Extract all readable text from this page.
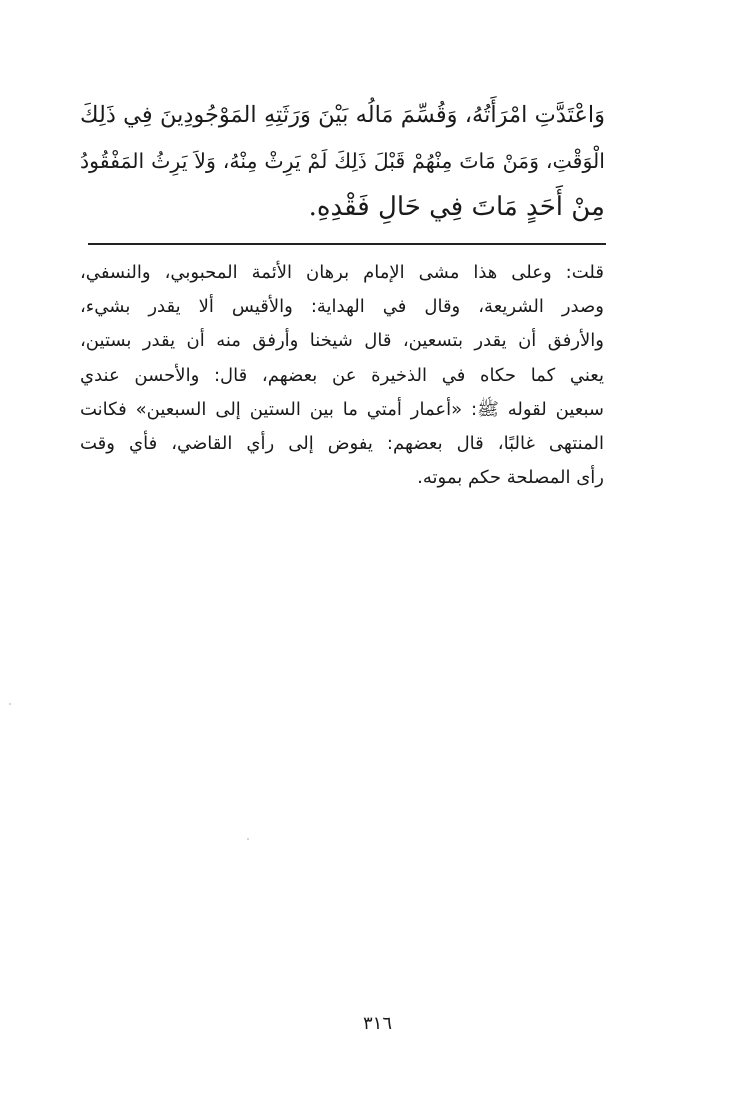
وَاعْتَدَّتِ امْرَأَتُهُ، وَقُسِّمَ مَالُه بَيْنَ وَرَثَتِهِ المَوْجُودِينَ فِي ذَلِكَ
الْوَقْتِ، وَمَنْ مَاتَ مِنْهُمْ قَبْلَ ذَلِكَ لَمْ يَرِثْ مِنْهُ، وَلاَ يَرِثُ المَفْقُودُ
مِنْ أَحَدٍ مَاتَ فِي حَالِ فَقْدِهِ.
قلت: وعلى هذا مشى الإمام برهان الأئمة المحبوبي، والنسفي،
وصدر الشريعة، وقال في الهداية: والأقيس ألا يقدر بشيء،
والأرفق أن يقدر بتسعين، قال شيخنا وأرفق منه أن يقدر بستين،
يعني كما حكاه في الذخيرة عن بعضهم، قال: والأحسن عندي
سبعين لقوله ﷺ: «أعمار أمتي ما بين الستين إلى السبعين» فكانت
المنتهى غالبًا، قال بعضهم: يفوض إلى رأي القاضي، فأي وقت
رأى المصلحة حكم بموته.
٣١٦
